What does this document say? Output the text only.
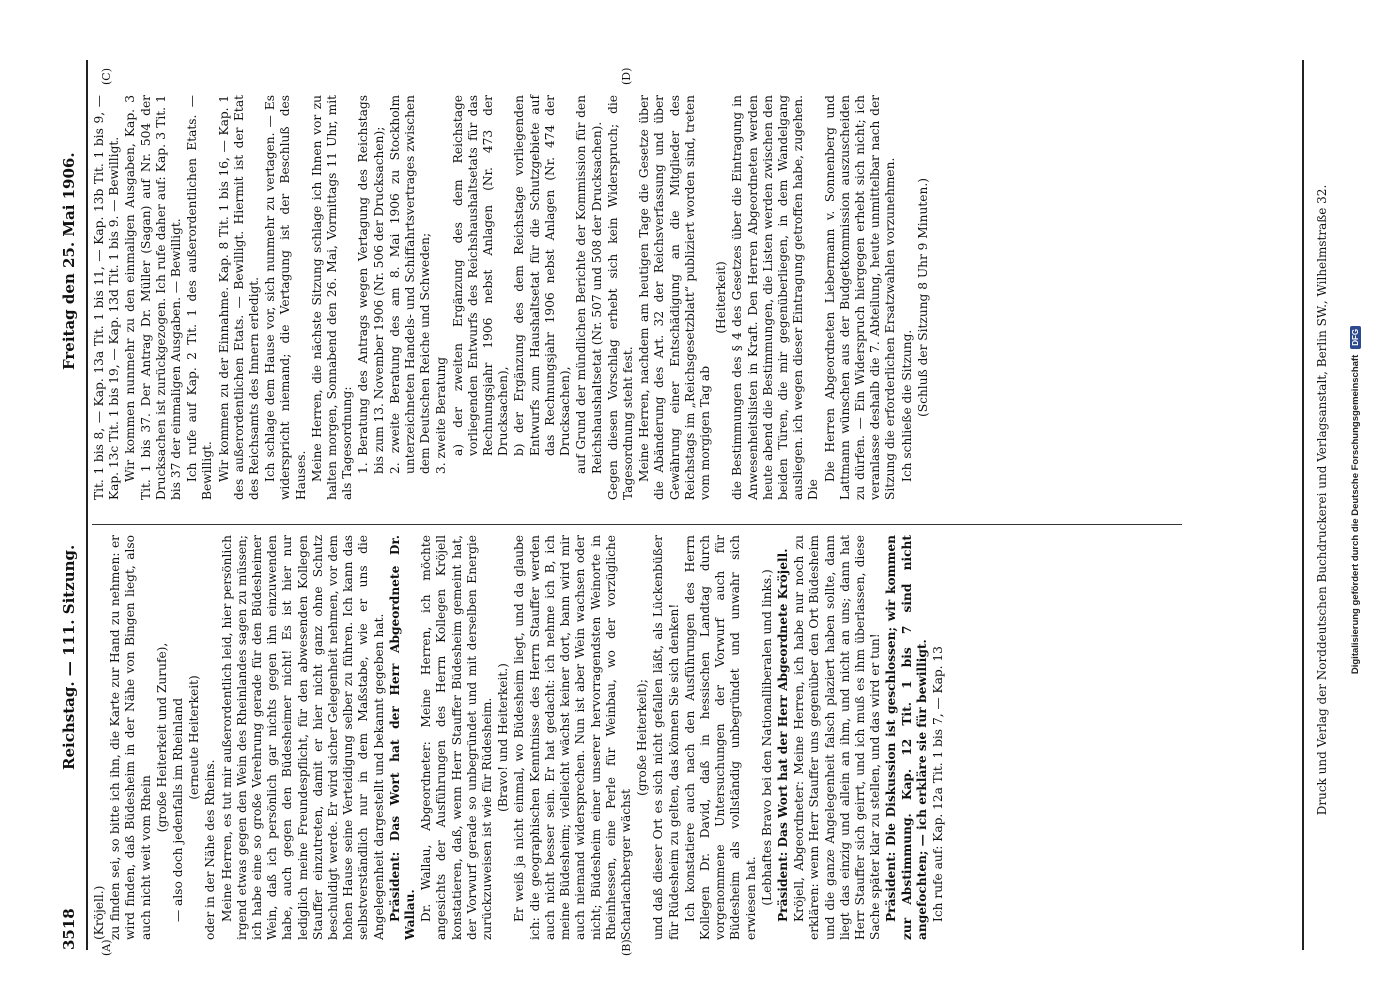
3518
Reichstag. — 111. Sitzung.
Freitag den 25. Mai 1906.
(A)	(B)
(C)	(D)

(Kröjell.) zu finden sei, so bitte ich ihn, die Karte zur Hand zu nehmen: er wird finden, daß Büdesheim in der Nähe von Bingen liegt, also auch nicht weit vom Rhein

(große Heiterkeit und Zurufe), — also doch jedenfalls im Rheinland (erneute Heiterkeit)

oder in der Nähe des Rheins. Meine Herren, es tut mir außerordentlich leid, hier persönlich irgend etwas gegen den Wein des Rheinlandes sagen zu müssen; ich habe eine so große Verehrung gerade für den Büdesheimer Wein, daß ich persönlich gar nichts gegen ihn einzuwenden habe, auch gegen den Büdesheimer nicht! Es ist hier nur lediglich meine Freundespflicht, für den abwesenden Kollegen Stauffer einzutreten, damit er hier nicht ganz ohne Schutz beschuldigt werde. Er wird sicher Gelegenheit nehmen, vor dem hohen Hause seine Verteidigung selber zu führen. Ich kann das selbstverständlich nur in dem Maßstabe, wie er uns die Angelegenheit dargestellt und bekannt gegeben hat. Präsident: Das Wort hat der Herr Abgeordnete Dr. Wallau. Dr. Wallau, Abgeordneter: Meine Herren, ich möchte angesichts der Ausführungen des Herrn Kollegen Kröjell konstatieren, daß, wenn Herr Stauffer Büdesheim gemeint hat, der Vorwurf gerade so unbegründet und mit derselben Energie zurückzuweisen ist wie für Rüdesheim. (Bravo! und Heiterkeit.) Er weiß ja nicht einmal, wo Büdesheim liegt, und da glaube ich: die geographischen Kenntnisse des Herrn Stauffer werden auch nicht besser sein. Er hat gedacht: ich nehme ich B, ich meine Büdesheim; vielleicht wächst keiner dort, bann wird mir auch niemand widersprechen. Nun ist aber Wein wachsen oder nicht; Büdesheim einer unserer hervorragendsten Weinorte in Rheinhessen, eine Perle für Weinbau, wo der vorzügliche Scharlachberger wächst

(große Heiterkeit); und daß dieser Ort es sich nicht gefallen läßt, als Lückenbüßer für Rüdesheim zu gelten, das können Sie sich denken! Ich konstatiere auch nach den Ausführungen des Herrn Kollegen Dr. David, daß in hessischen Landtag durch vorgenommene Untersuchungen der Vorwurf auch für Büdesheim als vollständig unbegründet und unwahr sich erwiesen hat. (Lebhaftes Bravo bei den Nationalliberalen und links.) Präsident: Das Wort hat der Herr Abgeordnete Kröjell. Kröjell, Abgeordneter: Meine Herren, ich habe nur noch zu erklären: wenn Herr Stauffer uns gegenüber den Ort Büdesheim und die ganze Angelegenheit falsch plaziert haben sollte, dann liegt das einzig und allein an ihm, und nicht an uns; dann hat Herr Stauffer sich geirrt, und ich muß es ihm überlassen, diese Sache später klar zu stellen, und das wird er tun! Präsident: Die Diskussion ist geschlossen; wir kommen zur Abstimmung. Kap. 12 Tit. 1 bis 7 sind nicht angefochten; — ich erkläre sie für bewilligt. Ich rufe auf: Kap. 12a Tit. 1 bis 7, — Kap. 13

Tit. 1 bis 8, — Kap. 13a Tit. 1 bis 11, — Kap. 13b Tit. 1 bis 9, — Kap. 13c Tit. 1 bis 19, — Kap. 13d Tit. 1 bis 9. — Bewilligt. Wir kommen nunmehr zu den einmaligen Ausgaben, Kap. 3 Tit. 1 bis 37. Der Antrag Dr. Müller (Sagan) auf Nr. 504 der Drucksachen ist zurückgezogen. Ich rufe daher auf: Kap. 3 Tit. 1 bis 37 der einmaligen Ausgaben. — Bewilligt. Ich rufe auf Kap. 2 Tit. 1 des außerordentlichen Etats. — Bewilligt. Wir kommen zu der Einnahme. Kap. 8 Tit. 1 bis 16, — Kap. 1 des außerordentlichen Etats. — Bewilligt. Hiermit ist der Etat des Reichsamts des Innern erledigt. Ich schlage dem Hause vor, sich nunmehr zu vertagen. — Es widerspricht niemand; die Vertagung ist der Beschluß des Hauses. Meine Herren, die nächste Sitzung schlage ich Ihnen vor zu halten morgen, Sonnabend den 26. Mai, Vormittags 11 Uhr, mit als Tagesordnung: 1. Beratung des Antrags wegen Vertagung des Reichstags bis zum 13. November 1906 (Nr. 506 der Drucksachen); 2. zweite Beratung des am 8. Mai 1906 zu Stockholm unterzeichneten Handels- und Schiffahrtsvertrages zwischen dem Deutschen Reiche und Schweden; 3. zweite Beratung a) der zweiten Ergänzung des dem Reichstage vorliegenden Entwurfs des Reichshaushaltsetats für das Rechnungsjahr 1906 nebst Anlagen (Nr. 473 der Drucksachen), b) der Ergänzung des dem Reichstage vorliegenden Entwurfs zum Haushaltsetat für die Schutzgebiete auf das Rechnungsjahr 1906 nebst Anlagen (Nr. 474 der Drucksachen), auf Grund der mündlichen Berichte der Kommission für den Reichshaushaltsetat (Nr. 507 und 508 der Drucksachen). Gegen diesen Vorschlag erhebt sich kein Widerspruch; die Tagesordnung steht fest. Meine Herren, nachdem am heutigen Tage die Gesetze über die Abänderung des Art. 32 der Reichsverfassung und über Gewährung einer Entschädigung an die Mitglieder des Reichstags im „Reichsgesetzblatt“ publiziert worden sind, treten vom morgigen Tag ab

(Heiterkeit) die Bestimmungen des § 4 des Gesetzes über die Eintragung in Anwesenheitslisten in Kraft. Den Herren Abgeordneten werden heute abend die Bestimmungen, die Listen werden zwischen den beiden Türen, die mir gegenüberliegen, in dem Wandelgang ausliegen. ich wegen dieser Eintragung getroffen habe, zugehen. Die

Die Herren Abgeordneten Liebermann v. Sonnenberg und Lattmann wünschen aus der Budgetkommission auszuscheiden zu dürfen. — Ein Widerspruch hiergegen erhebt sich nicht; ich veranlasse deshalb die 7. Abteilung, heute unmittelbar nach der Sitzung die erforderlichen Ersatzwahlen vorzunehmen. Ich schließe die Sitzung. (Schluß der Sitzung 8 Uhr 9 Minuten.)	Druck und Verlag der Norddeutschen Buchdruckerei und Verlagsanstalt, Berlin SW., Wilhelmstraße 32. Digitalisierung gefördert durch die Deutsche Forschungsgemeinschaft
DFG
